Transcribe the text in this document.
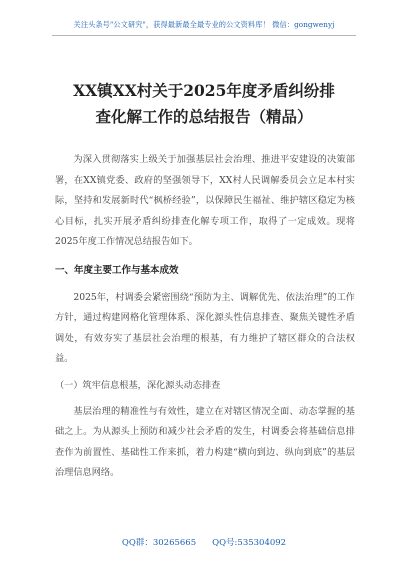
关注头条号"公文研究"，获得最新最全最专业的公文资料库！ 微信：gongwenyj
XX镇XX村关于2025年度矛盾纠纷排
查化解工作的总结报告（精品）

为深入贯彻落实上级关于加强基层社会治理、推进平安建设的决策部署，在XX镇党委、政府的坚强领导下，XX村人民调解委员会立足本村实际，坚持和发展新时代“枫桥经验”，以保障民生福祉、维护辖区稳定为核心目标，扎实开展矛盾纠纷排查化解专项工作，取得了一定成效。现将2025年度工作情况总结报告如下。

一、年度主要工作与基本成效

2025年，村调委会紧密围绕“预防为主、调解优先、依法治理”的工作方针，通过构建网格化管理体系、深化源头性信息排查、聚焦关键性矛盾调处，有效夯实了基层社会治理的根基，有力维护了辖区群众的合法权益。

（一）筑牢信息根基，深化源头动态排查

基层治理的精准性与有效性，建立在对辖区情况全面、动态掌握的基础之上。为从源头上预防和减少社会矛盾的发生，村调委会将基础信息排查作为前置性、基础性工作来抓，着力构建“横向到边、纵向到底”的基层治理信息网络。

QQ群：30265665 QQ号:535304092
